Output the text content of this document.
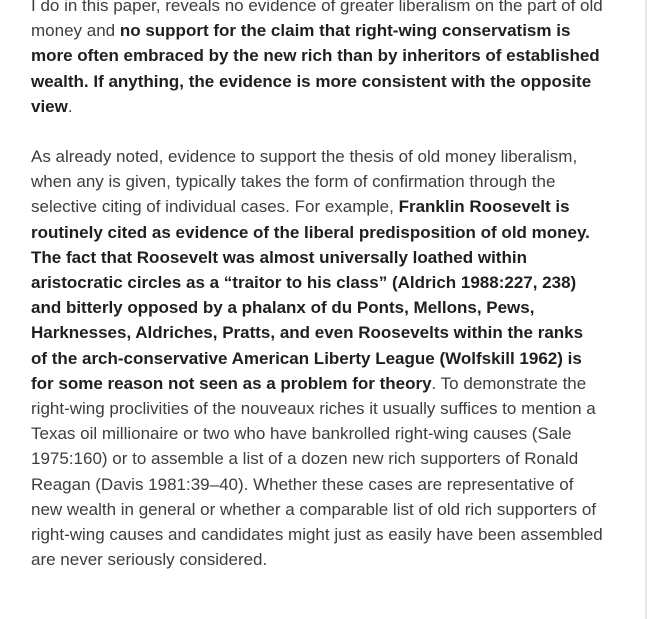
I do in this paper, reveals no evidence of greater liberalism on the part of old money and no support for the claim that right-wing conservatism is more often embraced by the new rich than by inheritors of established wealth. If anything, the evidence is more consistent with the opposite view.

As already noted, evidence to support the thesis of old money liberalism, when any is given, typically takes the form of confirmation through the selective citing of individual cases. For example, Franklin Roosevelt is routinely cited as evidence of the liberal predisposition of old money. The fact that Roosevelt was almost universally loathed within aristocratic circles as a “traitor to his class” (Aldrich 1988:227, 238) and bitterly opposed by a phalanx of du Ponts, Mellons, Pews, Harknesses, Aldriches, Pratts, and even Roosevelts within the ranks of the arch-conservative American Liberty League (Wolfskill 1962) is for some reason not seen as a problem for theory. To demonstrate the right-wing proclivities of the nouveaux riches it usually suffices to mention a Texas oil millionaire or two who have bankrolled right-wing causes (Sale 1975:160) or to assemble a list of a dozen new rich supporters of Ronald Reagan (Davis 1981:39–40). Whether these cases are representative of new wealth in general or whether a comparable list of old rich supporters of right-wing causes and candidates might just as easily have been assembled are never seriously considered.
